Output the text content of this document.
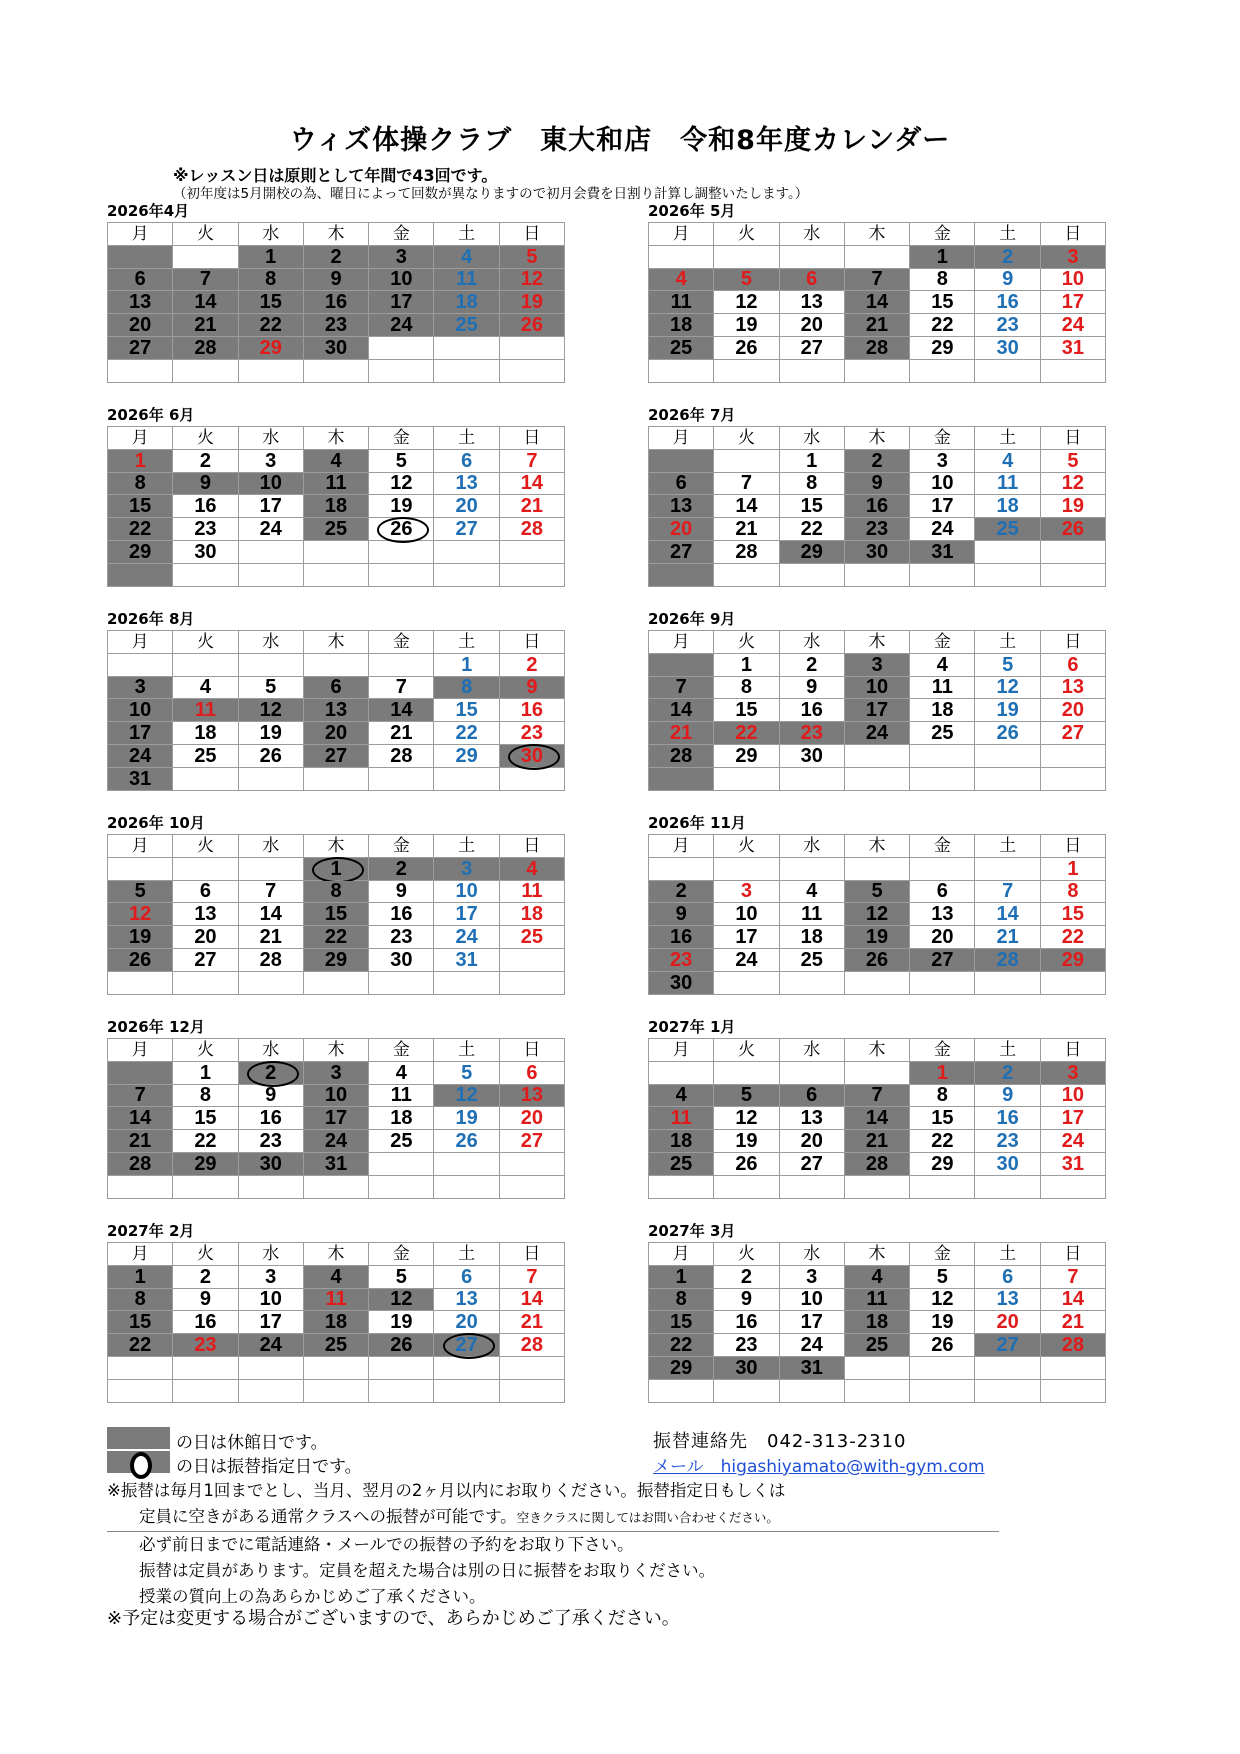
ウィズ体操クラブ　東大和店　令和8年度カレンダー
※レッスン日は原則として年間で43回です。
（初年度は5月開校の為、曜日によって回数が異なりますので初月会費を日割り計算し調整いたします。）
2026年4月
月	火	水	木	金	土	日
		1	2	3	4	5
6	7	8	9	10	11	12
13	14	15	16	17	18	19
20	21	22	23	24	25	26
27	28	29	30			

2026年 5月
月	火	水	木	金	土	日
				1	2	3
4	5	6	7	8	9	10
11	12	13	14	15	16	17
18	19	20	21	22	23	24
25	26	27	28	29	30	31

2026年 6月
月	火	水	木	金	土	日
1	2	3	4	5	6	7
8	9	10	11	12	13	14
15	16	17	18	19	20	21
22	23	24	25	26	27	28
29	30					

2026年 7月
月	火	水	木	金	土	日
		1	2	3	4	5
6	7	8	9	10	11	12
13	14	15	16	17	18	19
20	21	22	23	24	25	26
27	28	29	30	31		

2026年 8月
月	火	水	木	金	土	日
					1	2
3	4	5	6	7	8	9
10	11	12	13	14	15	16
17	18	19	20	21	22	23
24	25	26	27	28	29	30
31						
2026年 9月
月	火	水	木	金	土	日
	1	2	3	4	5	6
7	8	9	10	11	12	13
14	15	16	17	18	19	20
21	22	23	24	25	26	27
28	29	30				

2026年 10月
月	火	水	木	金	土	日
			1	2	3	4
5	6	7	8	9	10	11
12	13	14	15	16	17	18
19	20	21	22	23	24	25
26	27	28	29	30	31	

2026年 11月
月	火	水	木	金	土	日
						1
2	3	4	5	6	7	8
9	10	11	12	13	14	15
16	17	18	19	20	21	22
23	24	25	26	27	28	29
30						
2026年 12月
月	火	水	木	金	土	日
	1	2	3	4	5	6
7	8	9	10	11	12	13
14	15	16	17	18	19	20
21	22	23	24	25	26	27
28	29	30	31			

2027年 1月
月	火	水	木	金	土	日
				1	2	3
4	5	6	7	8	9	10
11	12	13	14	15	16	17
18	19	20	21	22	23	24
25	26	27	28	29	30	31

2027年 2月
月	火	水	木	金	土	日
1	2	3	4	5	6	7
8	9	10	11	12	13	14
15	16	17	18	19	20	21
22	23	24	25	26	27	28

2027年 3月
月	火	水	木	金	土	日
1	2	3	4	5	6	7
8	9	10	11	12	13	14
15	16	17	18	19	20	21
22	23	24	25	26	27	28
29	30	31				

の日は休館日です。
の日は振替指定日です。
振替連絡先　042-313-2310
メール　higashiyamato@with-gym.com
※振替は毎月1回までとし、当月、翌月の2ヶ月以内にお取りください。振替指定日もしくは
定員に空きがある通常クラスへの振替が可能です。空きクラスに関してはお問い合わせください。
必ず前日までに電話連絡・メールでの振替の予約をお取り下さい。
振替は定員があります。定員を超えた場合は別の日に振替をお取りください。
授業の質向上の為あらかじめご了承ください。
※予定は変更する場合がございますので、あらかじめご了承ください。
